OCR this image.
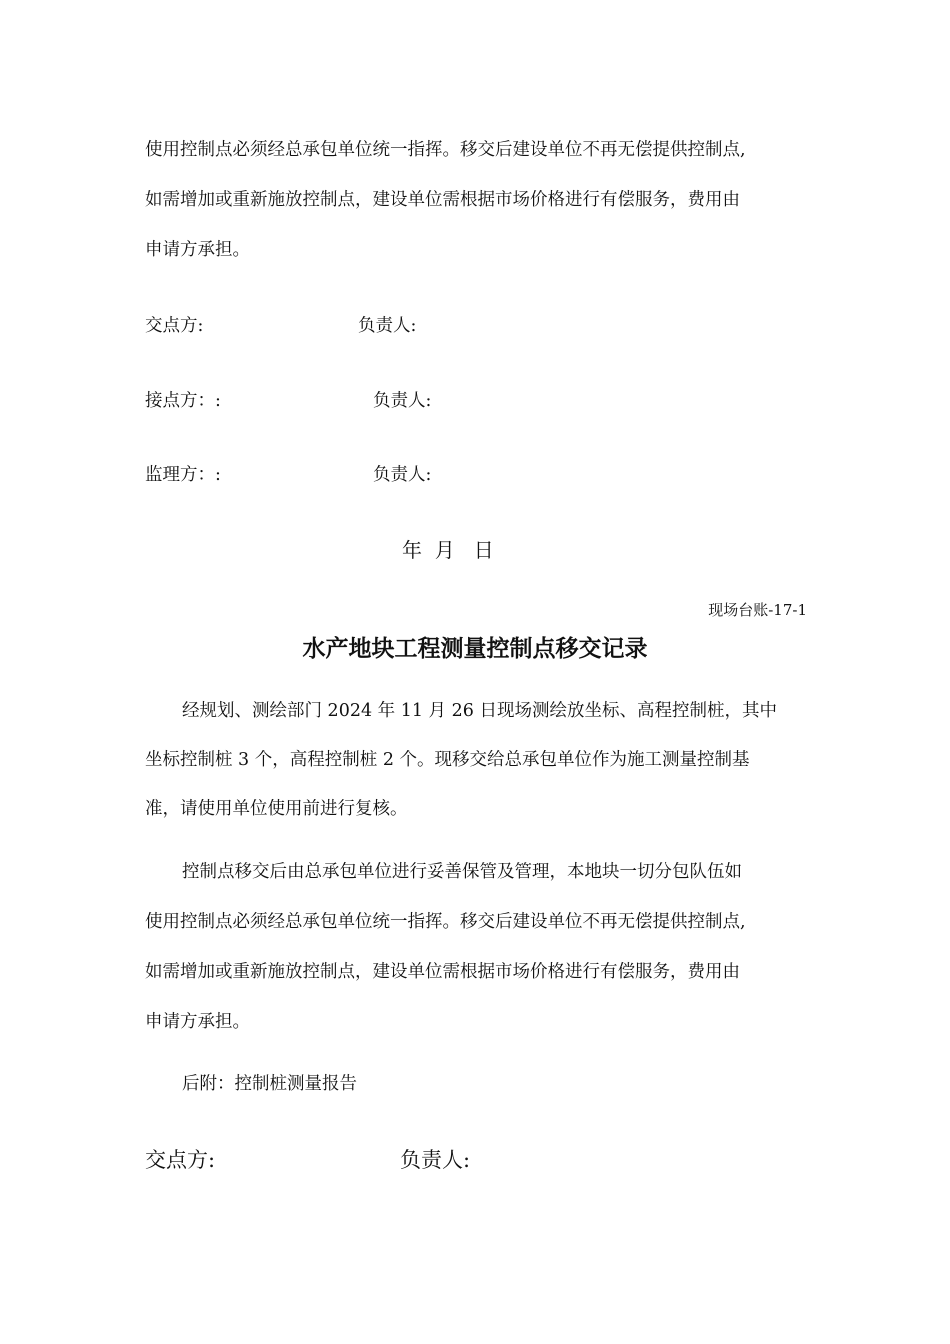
使用控制点必须经总承包单位统一指挥。移交后建设单位不再无偿提供控制点,
如需增加或重新施放控制点，建设单位需根据市场价格进行有偿服务，费用由
申请方承担。
交点方:	负责人:
接点方：:	负责人:
监理方：:	负责人:
年  月   日
现场台账-17-1
水产地块工程测量控制点移交记录
经规划、测绘部门 2024 年 11 月 26 日现场测绘放坐标、高程控制桩，其中
坐标控制桩 3 个，高程控制桩 2 个。现移交给总承包单位作为施工测量控制基
准，请使用单位使用前进行复核。
控制点移交后由总承包单位进行妥善保管及管理，本地块一切分包队伍如
使用控制点必须经总承包单位统一指挥。移交后建设单位不再无偿提供控制点,
如需增加或重新施放控制点，建设单位需根据市场价格进行有偿服务，费用由
申请方承担。
后附：控制桩测量报告
交点方:	负责人:
